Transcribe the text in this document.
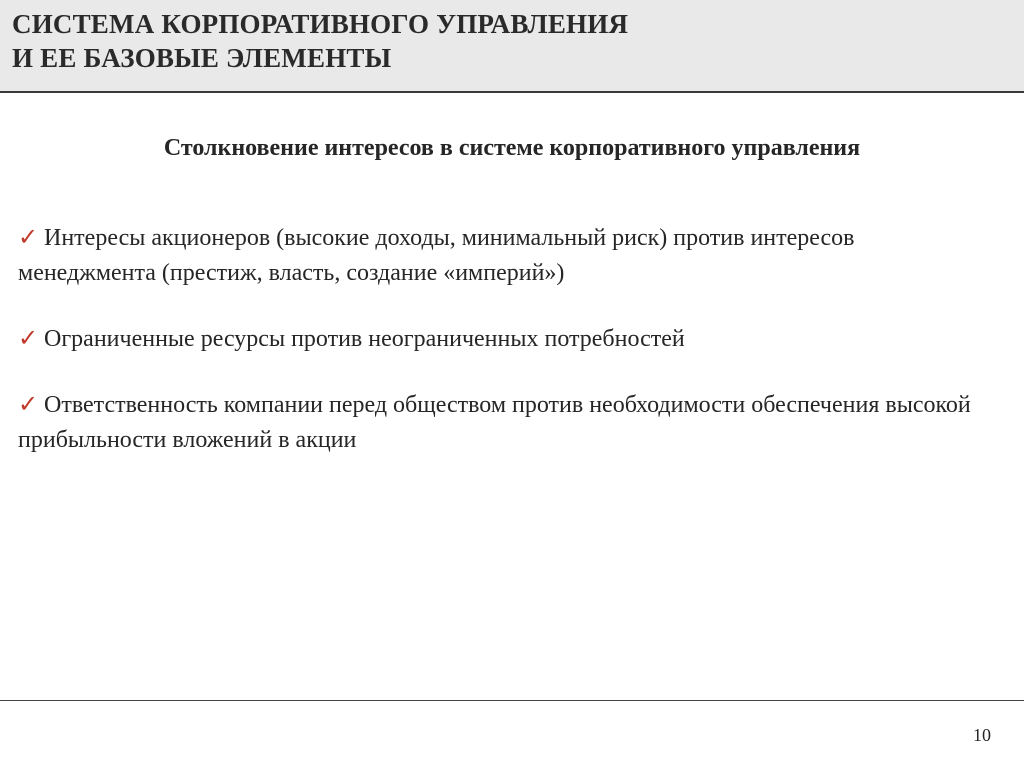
СИСТЕМА КОРПОРАТИВНОГО УПРАВЛЕНИЯ
И ЕЕ БАЗОВЫЕ ЭЛЕМЕНТЫ
Столкновение интересов в системе корпоративного управления
✓ Интересы акционеров (высокие доходы, минимальный риск) против интересов менеджмента (престиж, власть, создание «империй»)
✓ Ограниченные ресурсы против неограниченных потребностей
✓ Ответственность компании перед обществом против необходимости обеспечения высокой прибыльности вложений в акции
10
